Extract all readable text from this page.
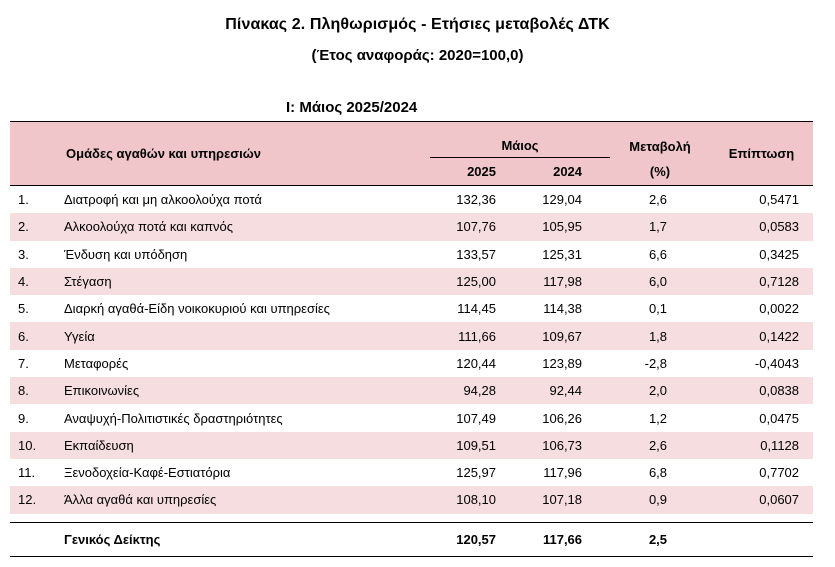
Πίνακας 2. Πληθωρισμός - Ετήσιες μεταβολές ΔΤΚ
(Έτος αναφοράς: 2020=100,0)
I: Μάιος 2025/2024
Ομάδες αγαθών και υπηρεσιών		Μάιος		Μεταβολή	Επίπτωση
		2025	2024	(%)	
1.	Διατροφή και μη αλκοολούχα ποτά	132,36	129,04	2,6	0,5471
2.	Αλκοολούχα ποτά και καπνός	107,76	105,95	1,7	0,0583
3.	Ένδυση και υπόδηση	133,57	125,31	6,6	0,3425
4.	Στέγαση	125,00	117,98	6,0	0,7128
5.	Διαρκή αγαθά-Είδη νοικοκυριού και υπηρεσίες	114,45	114,38	0,1	0,0022
6.	Υγεία	111,66	109,67	1,8	0,1422
7.	Μεταφορές	120,44	123,89	-2,8	-0,4043
8.	Επικοινωνίες	94,28	92,44	2,0	0,0838
9.	Αναψυχή-Πολιτιστικές δραστηριότητες	107,49	106,26	1,2	0,0475
10.	Εκπαίδευση	109,51	106,73	2,6	0,1128
11.	Ξενοδοχεία-Καφέ-Εστιατόρια	125,97	117,96	6,8	0,7702
12.	Άλλα αγαθά και υπηρεσίες	108,10	107,18	0,9	0,0607

	Γενικός Δείκτης	120,57	117,66	2,5	
